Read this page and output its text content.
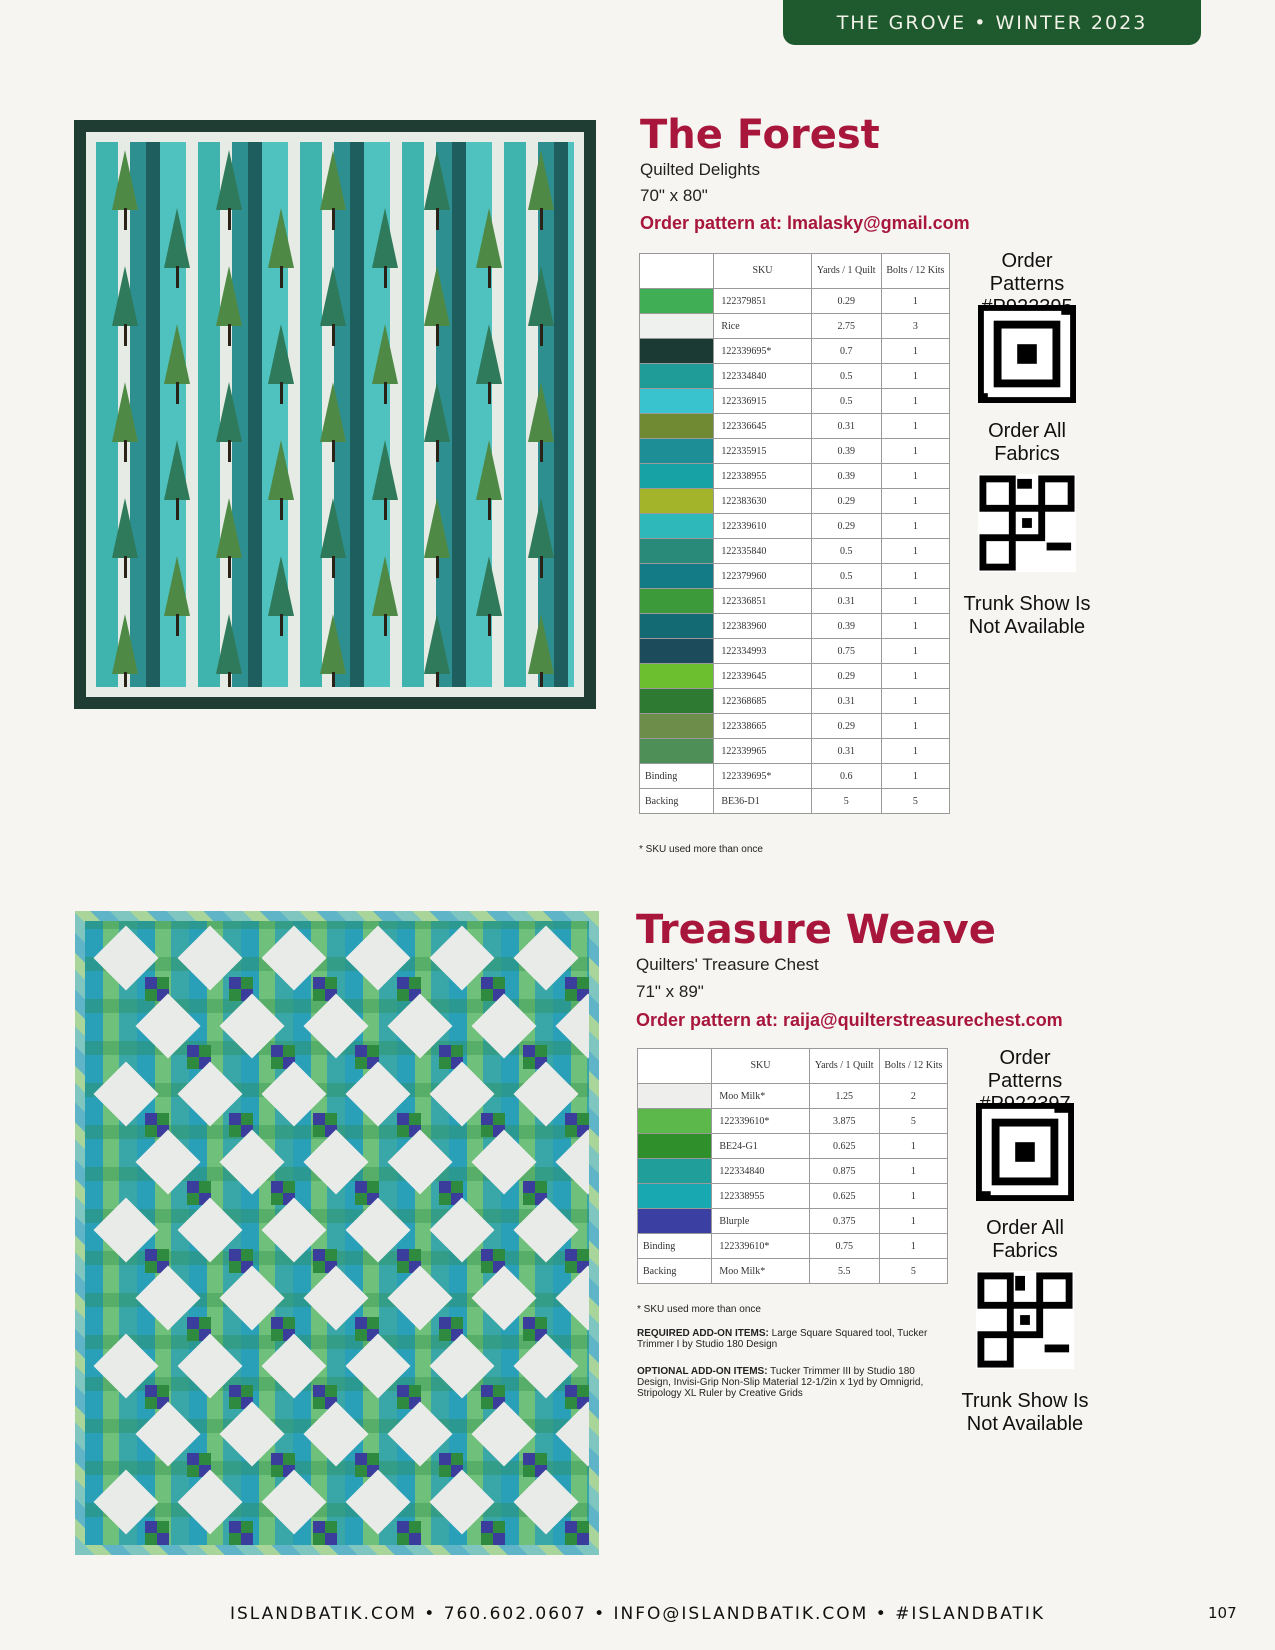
THE GROVE • WINTER 2023
The Forest
Quilted Delights
70" x 80"
Order pattern at: lmalasky@gmail.com
	SKU	Yards / 1 Quilt	Bolts / 12 Kits
	122379851	0.29	1
	Rice	2.75	3
	122339695*	0.7	1
	122334840	0.5	1
	122336915	0.5	1
	122336645	0.31	1
	122335915	0.39	1
	122338955	0.39	1
	122383630	0.29	1
	122339610	0.29	1
	122335840	0.5	1
	122379960	0.5	1
	122336851	0.31	1
	122383960	0.39	1
	122334993	0.75	1
	122339645	0.29	1
	122368685	0.31	1
	122338665	0.29	1
	122339965	0.31	1
Binding	122339695*	0.6	1
Backing	BE36-D1	5	5
* SKU used more than once
Order Patterns
Order All
Fabrics
Trunk Show Is
Not Available
Treasure Weave
Quilters' Treasure Chest
71" x 89"
Order pattern at: raija@quilterstreasurechest.com
	SKU	Yards / 1 Quilt	Bolts / 12 Kits
	Moo Milk*	1.25	2
	122339610*	3.875	5
	BE24-G1	0.625	1
	122334840	0.875	1
	122338955	0.625	1
	Blurple	0.375	1
Binding	122339610*	0.75	1
Backing	Moo Milk*	5.5	5
* SKU used more than once
REQUIRED ADD-ON ITEMS: Large Square Squared tool, Tucker Trimmer I by Studio 180 Design
OPTIONAL ADD-ON ITEMS: Tucker Trimmer III by Studio 180 Design, Invisi-Grip Non-Slip Material 12-1/2in x 1yd by Omnigrid, Stripology XL Ruler by Creative Grids
Order Patterns
Order All
Fabrics
Trunk Show Is
Not Available
ISLANDBATIK.COM • 760.602.0607 • INFO@ISLANDBATIK.COM • #ISLANDBATIK	107
